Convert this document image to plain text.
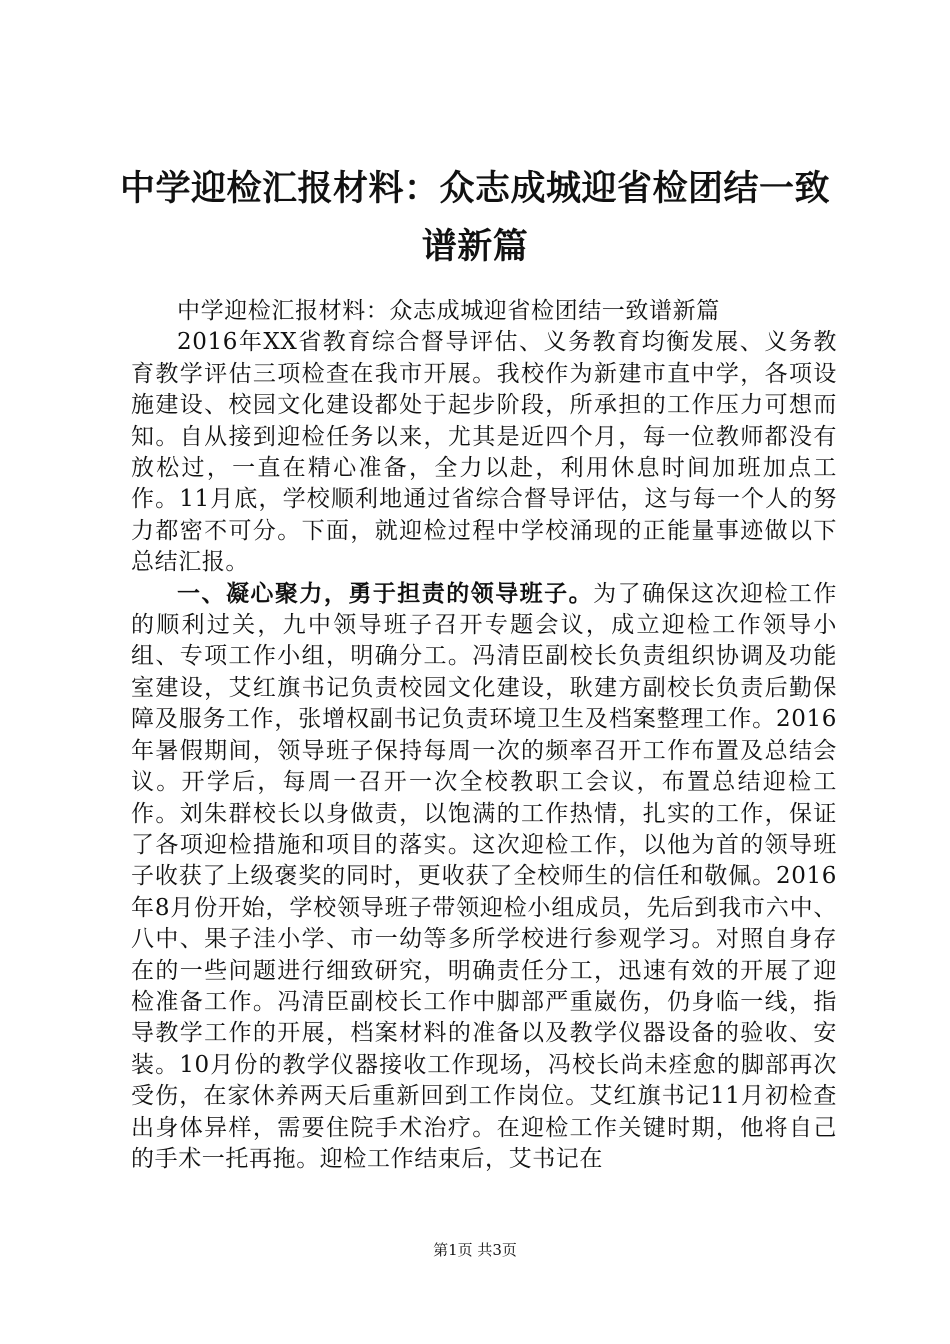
中学迎检汇报材料：众志成城迎省检团结一致谱新篇

中学迎检汇报材料：众志成城迎省检团结一致谱新篇

2016年XX省教育综合督导评估、义务教育均衡发展、义务教育教学评估三项检查在我市开展。我校作为新建市直中学，各项设施建设、校园文化建设都处于起步阶段，所承担的工作压力可想而知。自从接到迎检任务以来，尤其是近四个月，每一位教师都没有放松过，一直在精心准备，全力以赴，利用休息时间加班加点工作。11月底，学校顺利地通过省综合督导评估，这与每一个人的努力都密不可分。下面，就迎检过程中学校涌现的正能量事迹做以下总结汇报。

一、凝心聚力，勇于担责的领导班子。为了确保这次迎检工作的顺利过关，九中领导班子召开专题会议，成立迎检工作领导小组、专项工作小组，明确分工。冯清臣副校长负责组织协调及功能室建设，艾红旗书记负责校园文化建设，耿建方副校长负责后勤保障及服务工作，张增权副书记负责环境卫生及档案整理工作。2016年暑假期间，领导班子保持每周一次的频率召开工作布置及总结会议。开学后，每周一召开一次全校教职工会议，布置总结迎检工作。刘朱群校长以身做责，以饱满的工作热情，扎实的工作，保证了各项迎检措施和项目的落实。这次迎检工作，以他为首的领导班子收获了上级褒奖的同时，更收获了全校师生的信任和敬佩。2016年8月份开始，学校领导班子带领迎检小组成员，先后到我市六中、八中、果子洼小学、市一幼等多所学校进行参观学习。对照自身存在的一些问题进行细致研究，明确责任分工，迅速有效的开展了迎检准备工作。冯清臣副校长工作中脚部严重崴伤，仍身临一线，指导教学工作的开展，档案材料的准备以及教学仪器设备的验收、安装。10月份的教学仪器接收工作现场，冯校长尚未痊愈的脚部再次受伤，在家休养两天后重新回到工作岗位。艾红旗书记11月初检查出身体异样，需要住院手术治疗。在迎检工作关键时期，他将自己的手术一托再拖。迎检工作结束后，艾书记在

第1页 共3页
